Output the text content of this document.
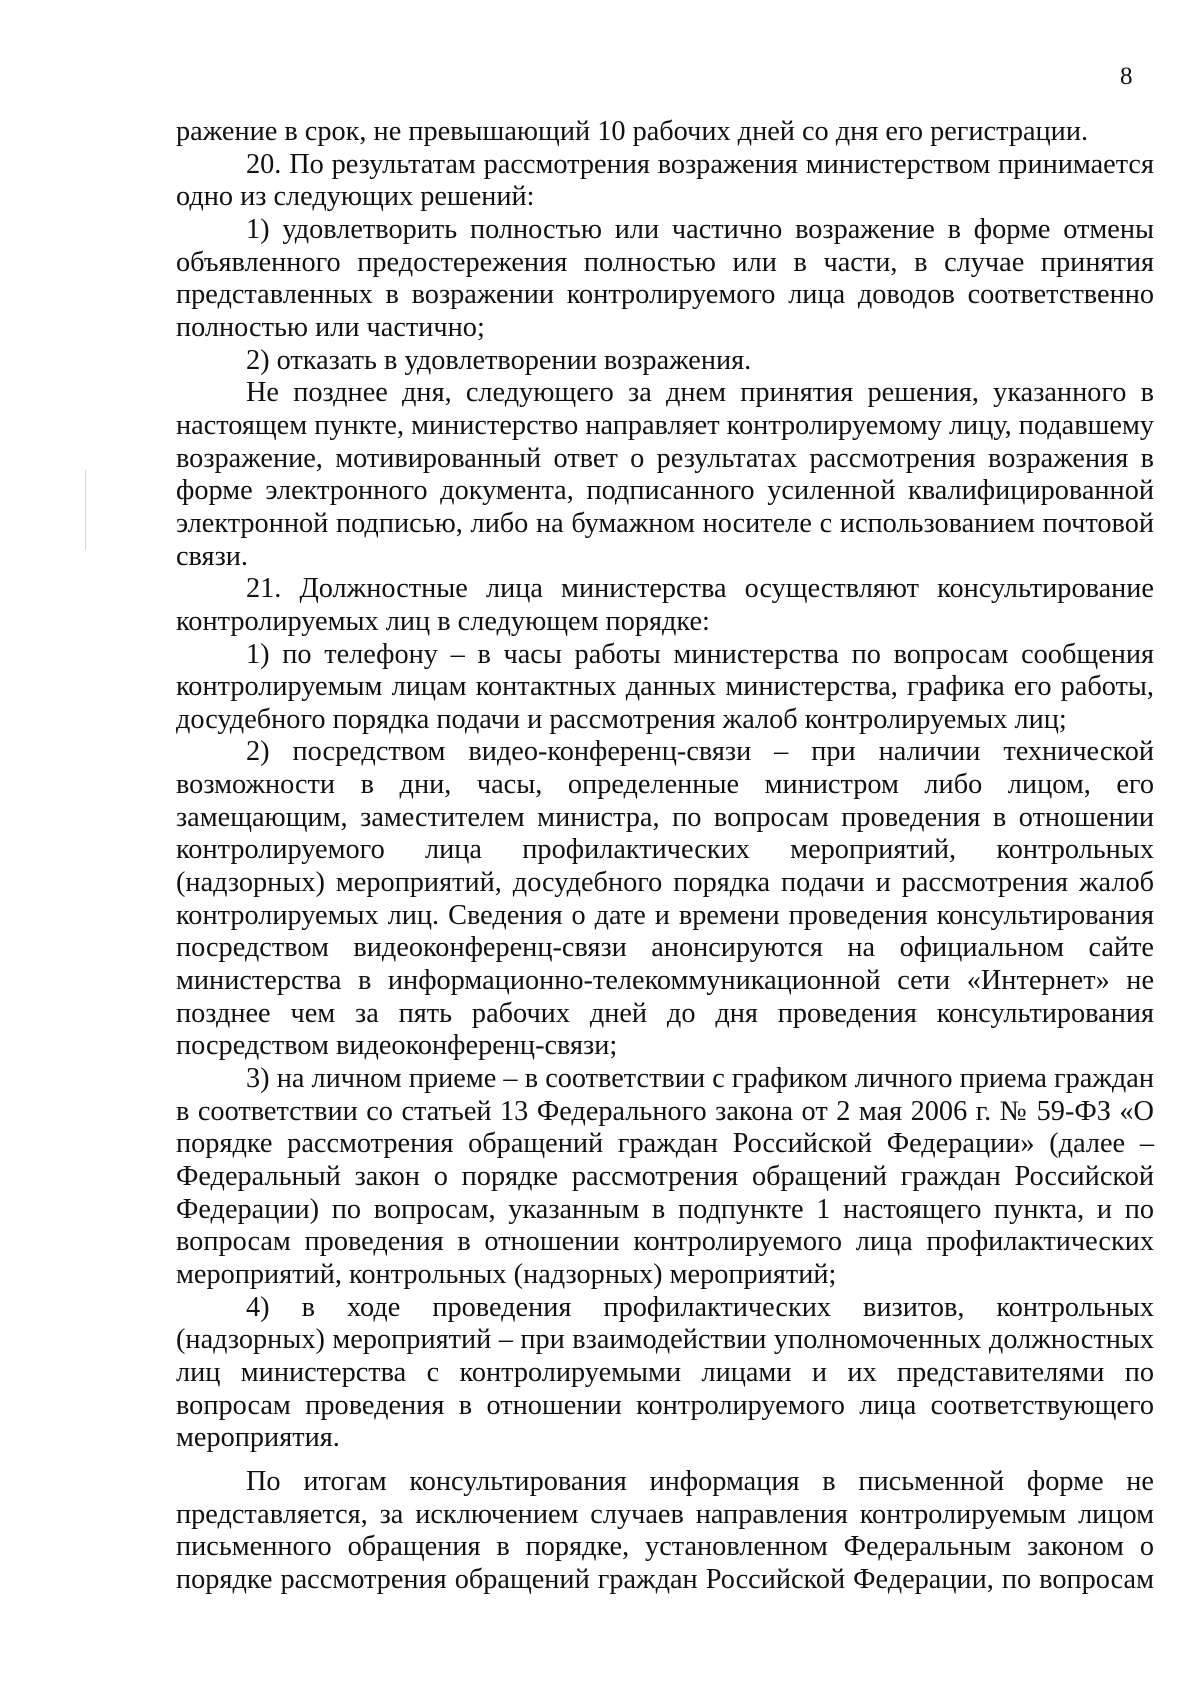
8

ражение в срок, не превышающий 10 рабочих дней со дня его регистрации.

20. По результатам рассмотрения возражения министерством принимается одно из следующих решений:

1) удовлетворить полностью или частично возражение в форме отмены объявленного предостережения полностью или в части, в случае принятия представленных в возражении контролируемого лица доводов соответственно полностью или частично;

2) отказать в удовлетворении возражения.

Не позднее дня, следующего за днем принятия решения, указанного в настоящем пункте, министерство направляет контролируемому лицу, подавшему возражение, мотивированный ответ о результатах рассмотрения возражения в форме электронного документа, подписанного усиленной квалифицированной электронной подписью, либо на бумажном носителе с использованием почтовой связи.

21. Должностные лица министерства осуществляют консультирование контролируемых лиц в следующем порядке:

1) по телефону – в часы работы министерства по вопросам сообщения контролируемым лицам контактных данных министерства, графика его работы, досудебного порядка подачи и рассмотрения жалоб контролируемых лиц;

2) посредством видео-конференц-связи – при наличии технической возможности в дни, часы, определенные министром либо лицом, его замещающим, заместителем министра, по вопросам проведения в отношении контролируемого лица профилактических мероприятий, контрольных (надзорных) мероприятий, досудебного порядка подачи и рассмотрения жалоб контролируемых лиц. Сведения о дате и времени проведения консультирования посредством видеоконференц-связи анонсируются на официальном сайте министерства в информационно-телекоммуникационной сети «Интернет» не позднее чем за пять рабочих дней до дня проведения консультирования посредством видеоконференц-связи;

3) на личном приеме – в соответствии с графиком личного приема граждан в соответствии со статьей 13 Федерального закона от 2 мая 2006 г. № 59-ФЗ «О порядке рассмотрения обращений граждан Российской Федерации» (далее – Федеральный закон о порядке рассмотрения обращений граждан Российской Федерации) по вопросам, указанным в подпункте 1 настоящего пункта, и по вопросам проведения в отношении контролируемого лица профилактических мероприятий, контрольных (надзорных) мероприятий;

4) в ходе проведения профилактических визитов, контрольных (надзорных) мероприятий – при взаимодействии уполномоченных должностных лиц министерства с контролируемыми лицами и их представителями по вопросам проведения в отношении контролируемого лица соответствующего мероприятия.

По итогам консультирования информация в письменной форме не представляется, за исключением случаев направления контролируемым лицом письменного обращения в порядке, установленном Федеральным законом о порядке рассмотрения обращений граждан Российской Федерации, по вопросам
